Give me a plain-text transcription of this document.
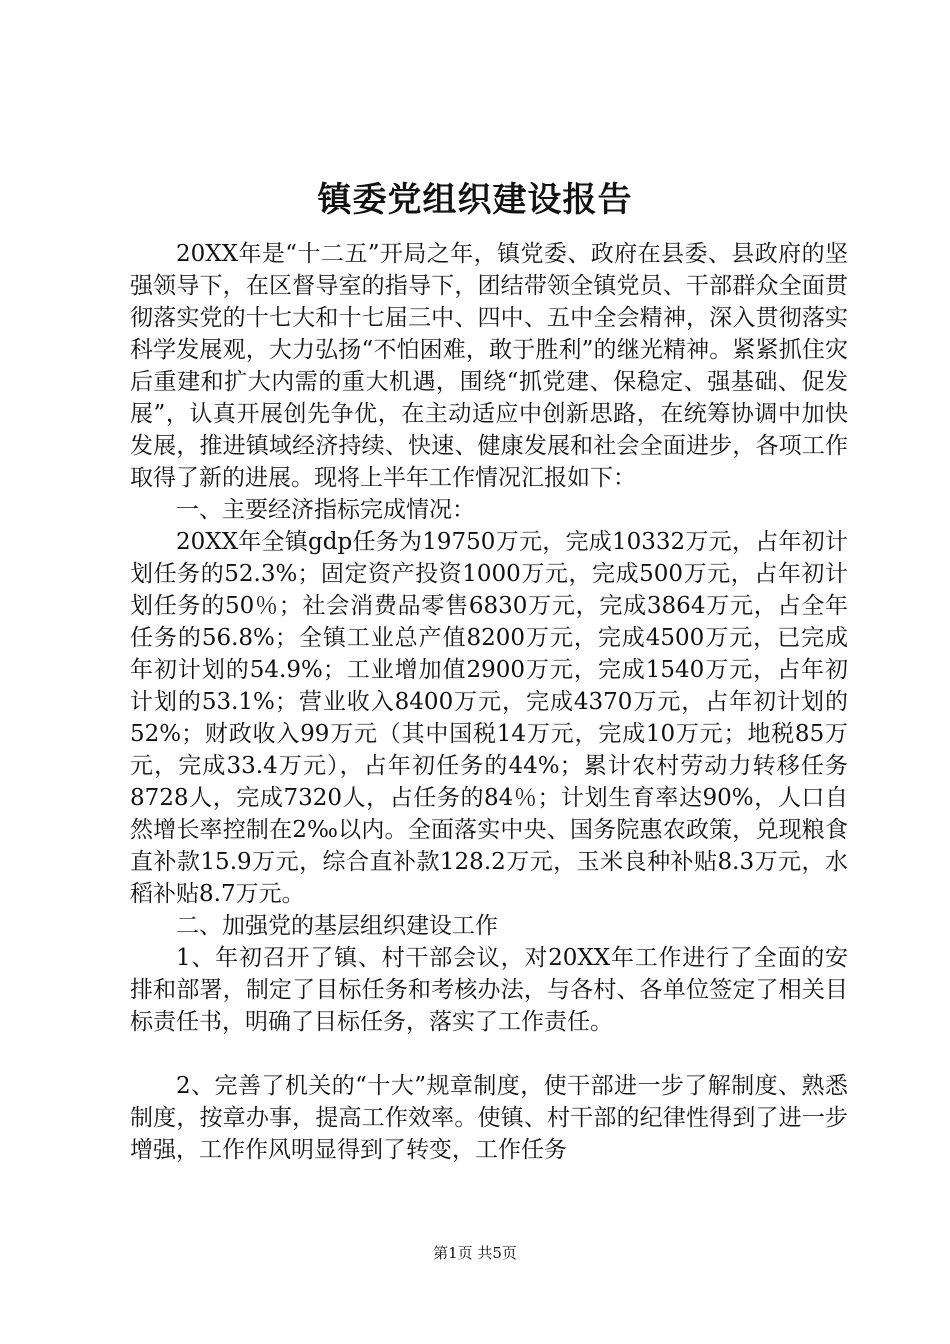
镇委党组织建设报告

20XX年是“十二五”开局之年，镇党委、政府在县委、县政府的坚强领导下，在区督导室的指导下，团结带领全镇党员、干部群众全面贯彻落实党的十七大和十七届三中、四中、五中全会精神，深入贯彻落实科学发展观，大力弘扬“不怕困难，敢于胜利”的继光精神。紧紧抓住灾后重建和扩大内需的重大机遇，围绕“抓党建、保稳定、强基础、促发展”，认真开展创先争优，在主动适应中创新思路，在统筹协调中加快发展，推进镇域经济持续、快速、健康发展和社会全面进步，各项工作取得了新的进展。现将上半年工作情况汇报如下：

一、主要经济指标完成情况：

20XX年全镇gdp任务为19750万元，完成10332万元，占年初计划任务的52.3%；固定资产投资1000万元，完成500万元，占年初计划任务的50％；社会消费品零售6830万元，完成3864万元，占全年任务的56.8%；全镇工业总产值8200万元，完成4500万元，已完成年初计划的54.9%；工业增加值2900万元，完成1540万元，占年初计划的53.1%；营业收入8400万元，完成4370万元，占年初计划的52%；财政收入99万元（其中国税14万元，完成10万元；地税85万元，完成33.4万元），占年初任务的44%；累计农村劳动力转移任务8728人，完成7320人，占任务的84％；计划生育率达90%，人口自然增长率控制在2‰以内。全面落实中央、国务院惠农政策，兑现粮食直补款15.9万元，综合直补款128.2万元，玉米良种补贴8.3万元，水稻补贴8.7万元。

二、加强党的基层组织建设工作

1、年初召开了镇、村干部会议，对20XX年工作进行了全面的安排和部署，制定了目标任务和考核办法，与各村、各单位签定了相关目标责任书，明确了目标任务，落实了工作责任。

2、完善了机关的“十大”规章制度，使干部进一步了解制度、熟悉制度，按章办事，提高工作效率。使镇、村干部的纪律性得到了进一步增强，工作作风明显得到了转变，工作任务

第1页 共5页
